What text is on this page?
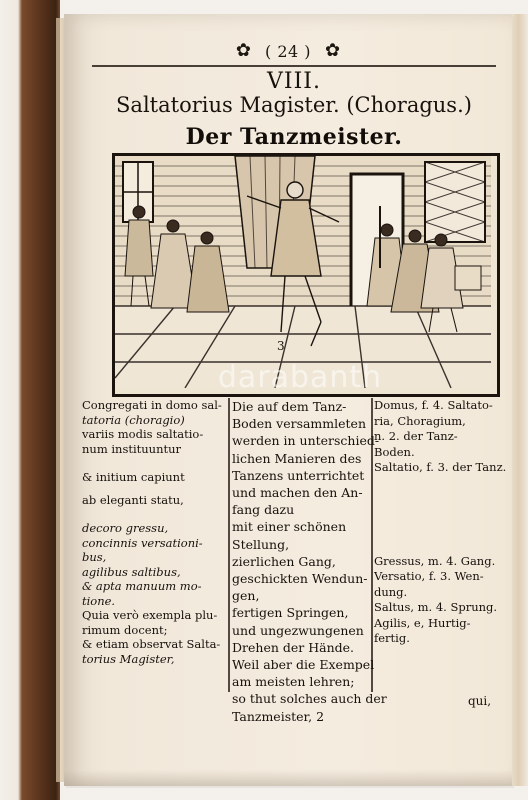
✿ ( 24 ) ✿
VIII.
Saltatorius Magister. (Choragus.)
Der Tanzmeister.
3
darabanth
Congregati in domo sal-
tatoria (choragio)
variis modis saltatio-
num instituuntur
& initium capiunt
ab eleganti statu,
decoro gressu,
concinnis versationi-
bus,
agilibus saltibus,
& apta manuum mo-
tione.
Quia verò exempla plu-
rimum docent;
& etiam observat Salta-
torius Magister,
Die auf dem Tanz-
Boden versammleten
werden in unterschied-
lichen Manieren des
Tanzens unterrichtet
und machen den An-
fang dazu
mit einer schönen
Stellung,
zierlichen Gang,
geschickten Wendun-
gen,
fertigen Springen,
und ungezwungenen
Drehen der Hände.
Weil aber die Exempel
am meisten lehren;
so thut solches auch der
Tanzmeister, 2
Domus, f. 4. Saltato-
ria, Choragium,
n. 2. der Tanz-
Boden.
Saltatio, f. 3. der Tanz.
Gressus, m. 4. Gang.
Versatio, f. 3. Wen-
dung.
Saltus, m. 4. Sprung.
Agilis, e, Hurtig-
fertig.
qui,
